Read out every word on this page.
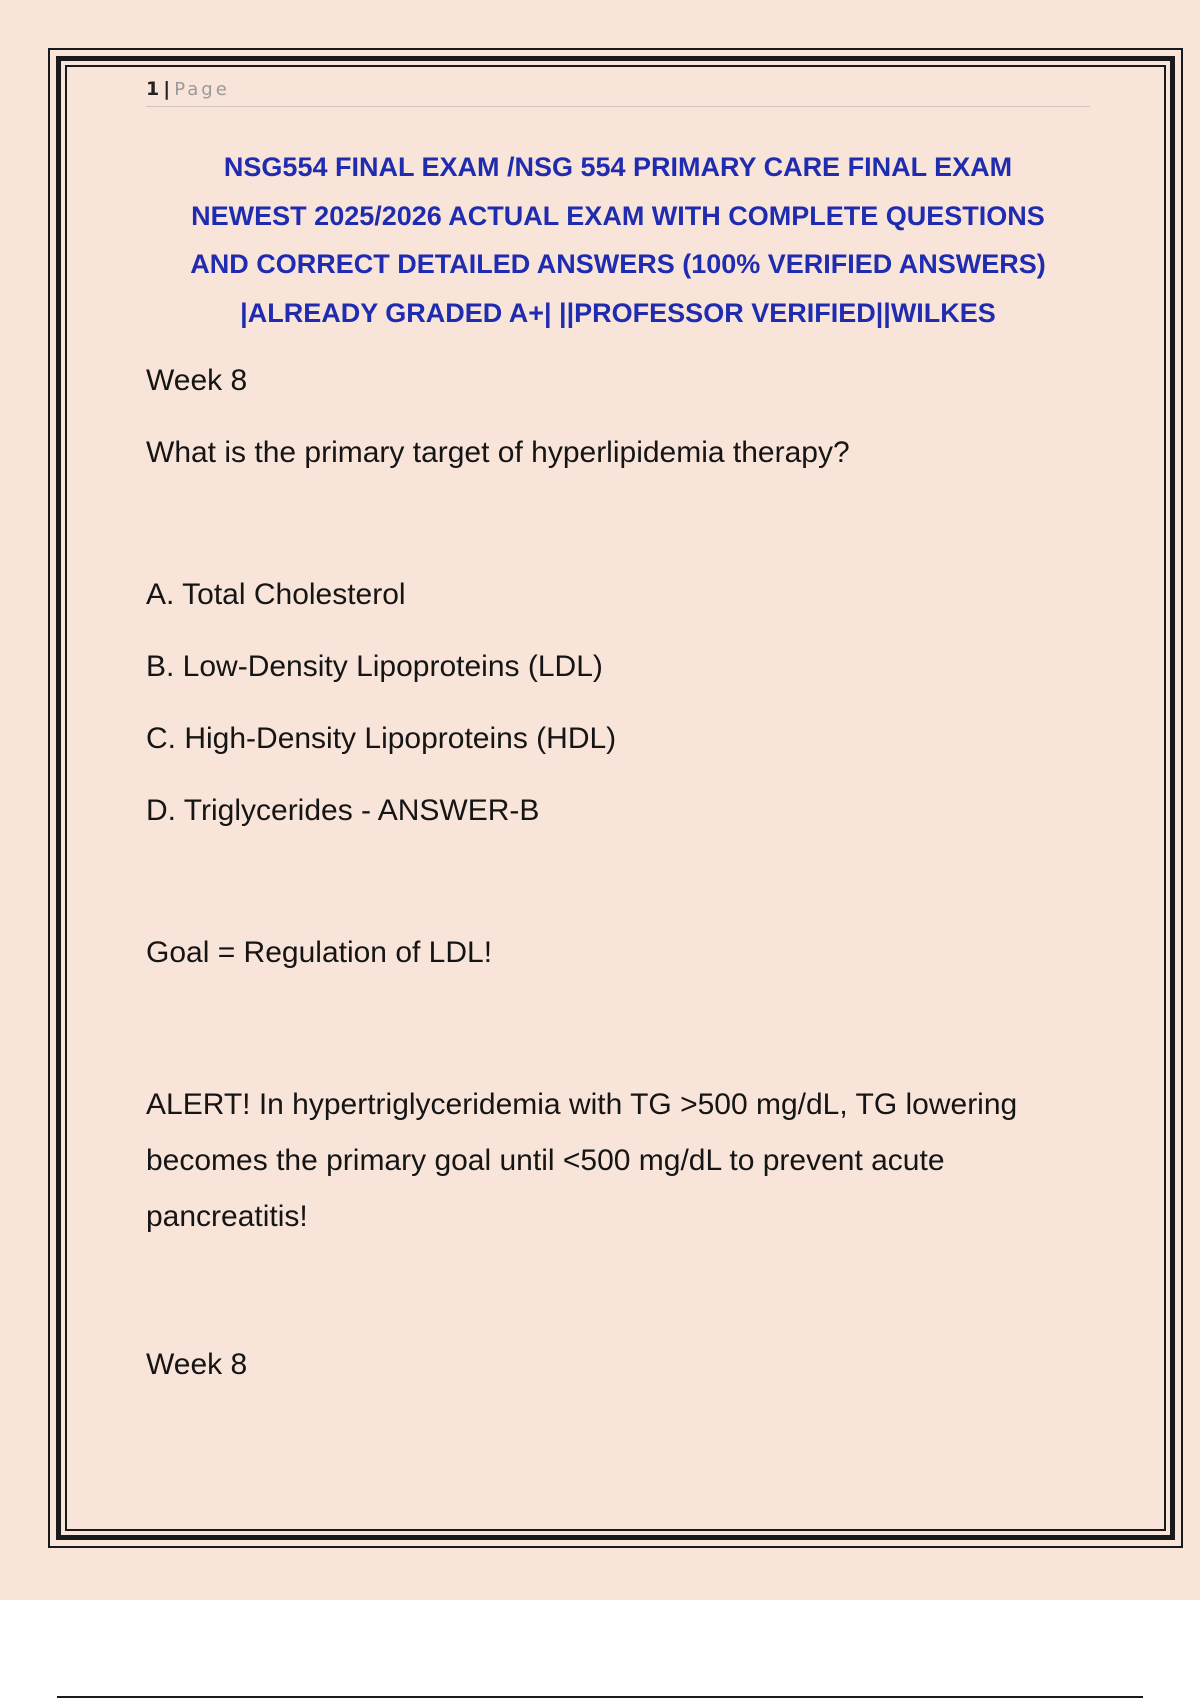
1 | Page
NSG554 FINAL EXAM /NSG 554 PRIMARY CARE FINAL EXAM
NEWEST 2025/2026 ACTUAL EXAM WITH COMPLETE QUESTIONS
AND CORRECT DETAILED ANSWERS (100% VERIFIED ANSWERS)
|ALREADY GRADED A+| ||PROFESSOR VERIFIED||WILKES
Week 8
What is the primary target of hyperlipidemia therapy?
A. Total Cholesterol
B. Low-Density Lipoproteins (LDL)
C. High-Density Lipoproteins (HDL)
D. Triglycerides - ANSWER-B
Goal = Regulation of LDL!
ALERT! In hypertriglyceridemia with TG >500 mg/dL, TG lowering becomes the primary goal until <500 mg/dL to prevent acute pancreatitis!
Week 8
